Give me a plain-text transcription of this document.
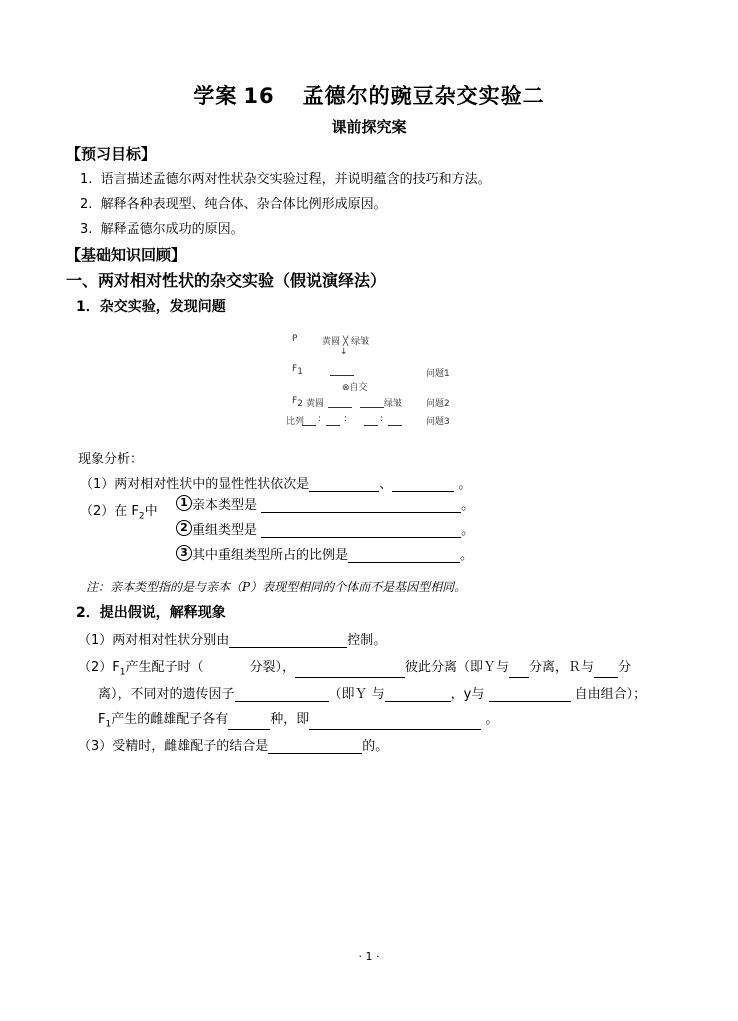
学案 16 孟德尔的豌豆杂交实验二
课前探究案
【预习目标】
1. 语言描述孟德尔两对性状杂交实验过程，并说明蕴含的技巧和方法。
2. 解释各种表现型、纯合体、杂合体比例形成原因。
3. 解释孟德尔成功的原因。
【基础知识回顾】
一、两对相对性状的杂交实验（假说演绎法）
1．杂交实验，发现问题
P	黄圆 ╳ 绿皱
↓
$F_1$	问题1
⊗自交
$F_2$ 黄圆	绿皱	问题2
比列 :	:	:	问题3
现象分析：
（1）两对相对性状中的显性性状依次是	、	。
（2）在 $F_2$中
1 亲本类型是	。
2 重组类型是	。
3 其中重组类型所占的比例是	。
注：亲本类型指的是与亲本（P）表现型相同的个体而不是基因型相同。
2．提出假说，解释现象
（1）两对相对性状分别由	控制。
$(2)F_1$产生配子时（	分裂），	彼此分离（即Ｙ与 分离，Ｒ与 分
离），不同对的遗传因子	（即Ｙ 与	，y与	自由组合）；
$F_1$产生的雌雄配子各有	种，即	。
（3）受精时，雌雄配子的结合是	的。
· 1 ·
